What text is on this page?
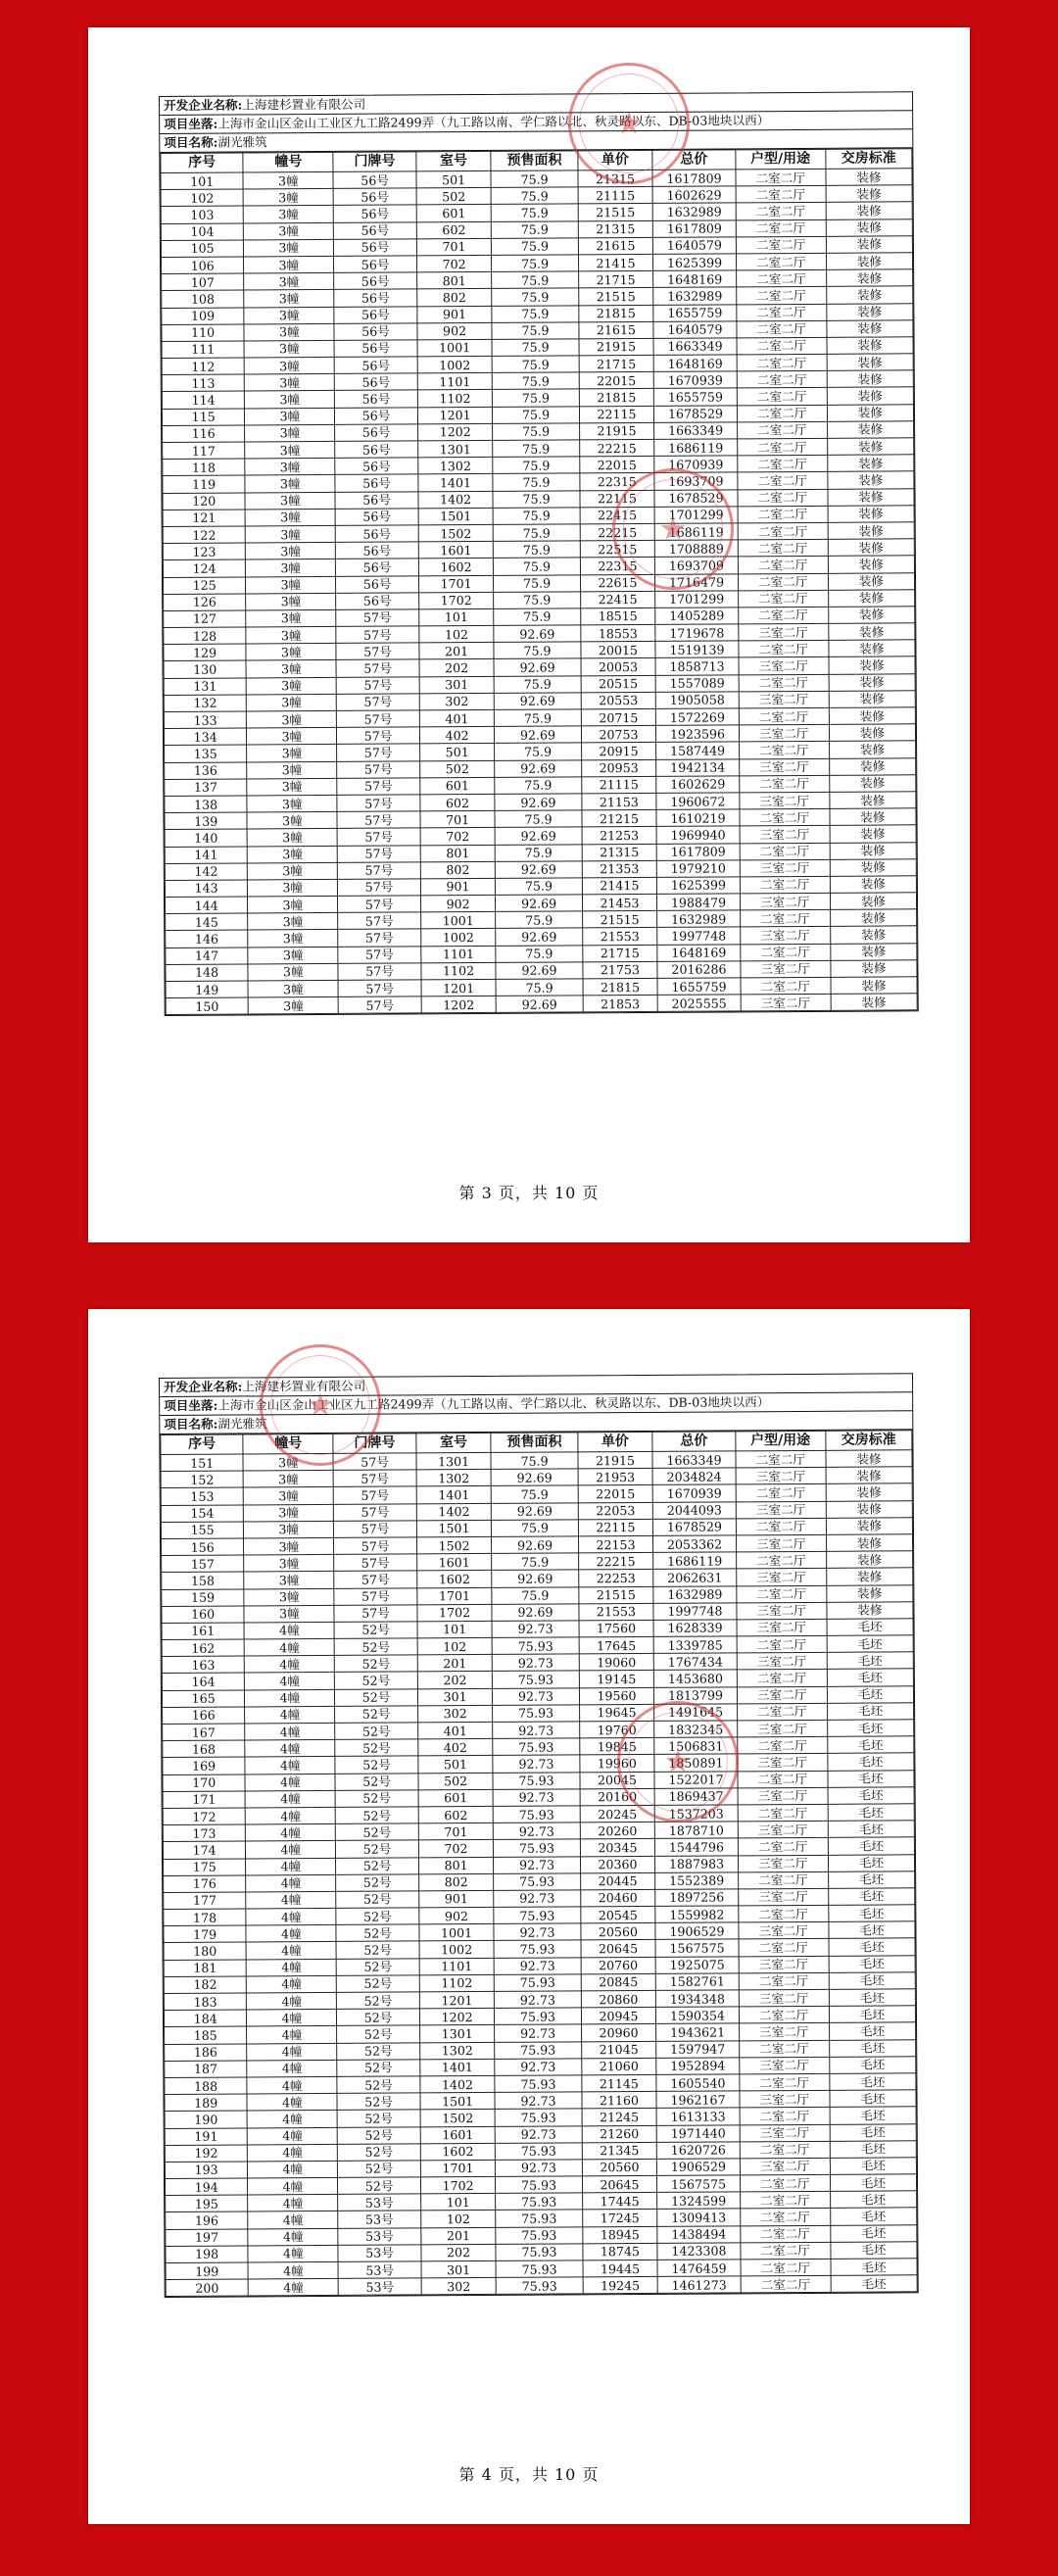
开发企业名称:上海建杉置业有限公司
项目坐落:上海市金山区金山工业区九工路2499弄（九工路以南、学仁路以北、秋灵路以东、DB-03地块以西）
项目名称:湖光雅筑
序号	幢号	门牌号	室号	预售面积	单价	总价	户型/用途	交房标准
101	3幢	56号	501	75.9	21315	1617809	二室二厅	装修
102	3幢	56号	502	75.9	21115	1602629	二室二厅	装修
103	3幢	56号	601	75.9	21515	1632989	二室二厅	装修
104	3幢	56号	602	75.9	21315	1617809	二室二厅	装修
105	3幢	56号	701	75.9	21615	1640579	二室二厅	装修
106	3幢	56号	702	75.9	21415	1625399	二室二厅	装修
107	3幢	56号	801	75.9	21715	1648169	二室二厅	装修
108	3幢	56号	802	75.9	21515	1632989	二室二厅	装修
109	3幢	56号	901	75.9	21815	1655759	二室二厅	装修
110	3幢	56号	902	75.9	21615	1640579	二室二厅	装修
111	3幢	56号	1001	75.9	21915	1663349	二室二厅	装修
112	3幢	56号	1002	75.9	21715	1648169	二室二厅	装修
113	3幢	56号	1101	75.9	22015	1670939	二室二厅	装修
114	3幢	56号	1102	75.9	21815	1655759	二室二厅	装修
115	3幢	56号	1201	75.9	22115	1678529	二室二厅	装修
116	3幢	56号	1202	75.9	21915	1663349	二室二厅	装修
117	3幢	56号	1301	75.9	22215	1686119	二室二厅	装修
118	3幢	56号	1302	75.9	22015	1670939	二室二厅	装修
119	3幢	56号	1401	75.9	22315	1693709	二室二厅	装修
120	3幢	56号	1402	75.9	22115	1678529	二室二厅	装修
121	3幢	56号	1501	75.9	22415	1701299	二室二厅	装修
122	3幢	56号	1502	75.9	22215	1686119	二室二厅	装修
123	3幢	56号	1601	75.9	22515	1708889	二室二厅	装修
124	3幢	56号	1602	75.9	22315	1693709	二室二厅	装修
125	3幢	56号	1701	75.9	22615	1716479	二室二厅	装修
126	3幢	56号	1702	75.9	22415	1701299	二室二厅	装修
127	3幢	57号	101	75.9	18515	1405289	二室二厅	装修
128	3幢	57号	102	92.69	18553	1719678	三室二厅	装修
129	3幢	57号	201	75.9	20015	1519139	二室二厅	装修
130	3幢	57号	202	92.69	20053	1858713	三室二厅	装修
131	3幢	57号	301	75.9	20515	1557089	二室二厅	装修
132	3幢	57号	302	92.69	20553	1905058	三室二厅	装修
133	3幢	57号	401	75.9	20715	1572269	二室二厅	装修
134	3幢	57号	402	92.69	20753	1923596	三室二厅	装修
135	3幢	57号	501	75.9	20915	1587449	二室二厅	装修
136	3幢	57号	502	92.69	20953	1942134	三室二厅	装修
137	3幢	57号	601	75.9	21115	1602629	二室二厅	装修
138	3幢	57号	602	92.69	21153	1960672	三室二厅	装修
139	3幢	57号	701	75.9	21215	1610219	二室二厅	装修
140	3幢	57号	702	92.69	21253	1969940	三室二厅	装修
141	3幢	57号	801	75.9	21315	1617809	二室二厅	装修
142	3幢	57号	802	92.69	21353	1979210	三室二厅	装修
143	3幢	57号	901	75.9	21415	1625399	二室二厅	装修
144	3幢	57号	902	92.69	21453	1988479	三室二厅	装修
145	3幢	57号	1001	75.9	21515	1632989	二室二厅	装修
146	3幢	57号	1002	92.69	21553	1997748	三室二厅	装修
147	3幢	57号	1101	75.9	21715	1648169	二室二厅	装修
148	3幢	57号	1102	92.69	21753	2016286	三室二厅	装修
149	3幢	57号	1201	75.9	21815	1655759	二室二厅	装修
150	3幢	57号	1202	92.69	21853	2025555	三室二厅	装修
第 3 页，共 10 页
开发企业名称:上海建杉置业有限公司
项目坐落:上海市金山区金山工业区九工路2499弄（九工路以南、学仁路以北、秋灵路以东、DB-03地块以西）
项目名称:湖光雅筑
序号	幢号	门牌号	室号	预售面积	单价	总价	户型/用途	交房标准
151	3幢	57号	1301	75.9	21915	1663349	二室二厅	装修
152	3幢	57号	1302	92.69	21953	2034824	三室二厅	装修
153	3幢	57号	1401	75.9	22015	1670939	二室二厅	装修
154	3幢	57号	1402	92.69	22053	2044093	三室二厅	装修
155	3幢	57号	1501	75.9	22115	1678529	二室二厅	装修
156	3幢	57号	1502	92.69	22153	2053362	三室二厅	装修
157	3幢	57号	1601	75.9	22215	1686119	二室二厅	装修
158	3幢	57号	1602	92.69	22253	2062631	三室二厅	装修
159	3幢	57号	1701	75.9	21515	1632989	二室二厅	装修
160	3幢	57号	1702	92.69	21553	1997748	三室二厅	装修
161	4幢	52号	101	92.73	17560	1628339	三室二厅	毛坯
162	4幢	52号	102	75.93	17645	1339785	二室二厅	毛坯
163	4幢	52号	201	92.73	19060	1767434	三室二厅	毛坯
164	4幢	52号	202	75.93	19145	1453680	二室二厅	毛坯
165	4幢	52号	301	92.73	19560	1813799	三室二厅	毛坯
166	4幢	52号	302	75.93	19645	1491645	二室二厅	毛坯
167	4幢	52号	401	92.73	19760	1832345	三室二厅	毛坯
168	4幢	52号	402	75.93	19845	1506831	二室二厅	毛坯
169	4幢	52号	501	92.73	19960	1850891	三室二厅	毛坯
170	4幢	52号	502	75.93	20045	1522017	二室二厅	毛坯
171	4幢	52号	601	92.73	20160	1869437	三室二厅	毛坯
172	4幢	52号	602	75.93	20245	1537203	二室二厅	毛坯
173	4幢	52号	701	92.73	20260	1878710	三室二厅	毛坯
174	4幢	52号	702	75.93	20345	1544796	二室二厅	毛坯
175	4幢	52号	801	92.73	20360	1887983	三室二厅	毛坯
176	4幢	52号	802	75.93	20445	1552389	二室二厅	毛坯
177	4幢	52号	901	92.73	20460	1897256	三室二厅	毛坯
178	4幢	52号	902	75.93	20545	1559982	二室二厅	毛坯
179	4幢	52号	1001	92.73	20560	1906529	三室二厅	毛坯
180	4幢	52号	1002	75.93	20645	1567575	二室二厅	毛坯
181	4幢	52号	1101	92.73	20760	1925075	三室二厅	毛坯
182	4幢	52号	1102	75.93	20845	1582761	二室二厅	毛坯
183	4幢	52号	1201	92.73	20860	1934348	三室二厅	毛坯
184	4幢	52号	1202	75.93	20945	1590354	二室二厅	毛坯
185	4幢	52号	1301	92.73	20960	1943621	三室二厅	毛坯
186	4幢	52号	1302	75.93	21045	1597947	二室二厅	毛坯
187	4幢	52号	1401	92.73	21060	1952894	三室二厅	毛坯
188	4幢	52号	1402	75.93	21145	1605540	二室二厅	毛坯
189	4幢	52号	1501	92.73	21160	1962167	三室二厅	毛坯
190	4幢	52号	1502	75.93	21245	1613133	二室二厅	毛坯
191	4幢	52号	1601	92.73	21260	1971440	三室二厅	毛坯
192	4幢	52号	1602	75.93	21345	1620726	二室二厅	毛坯
193	4幢	52号	1701	92.73	20560	1906529	三室二厅	毛坯
194	4幢	52号	1702	75.93	20645	1567575	二室二厅	毛坯
195	4幢	53号	101	75.93	17445	1324599	二室二厅	毛坯
196	4幢	53号	102	75.93	17245	1309413	二室二厅	毛坯
197	4幢	53号	201	75.93	18945	1438494	二室二厅	毛坯
198	4幢	53号	202	75.93	18745	1423308	二室二厅	毛坯
199	4幢	53号	301	75.93	19445	1476459	二室二厅	毛坯
200	4幢	53号	302	75.93	19245	1461273	二室二厅	毛坯
第 4 页，共 10 页
